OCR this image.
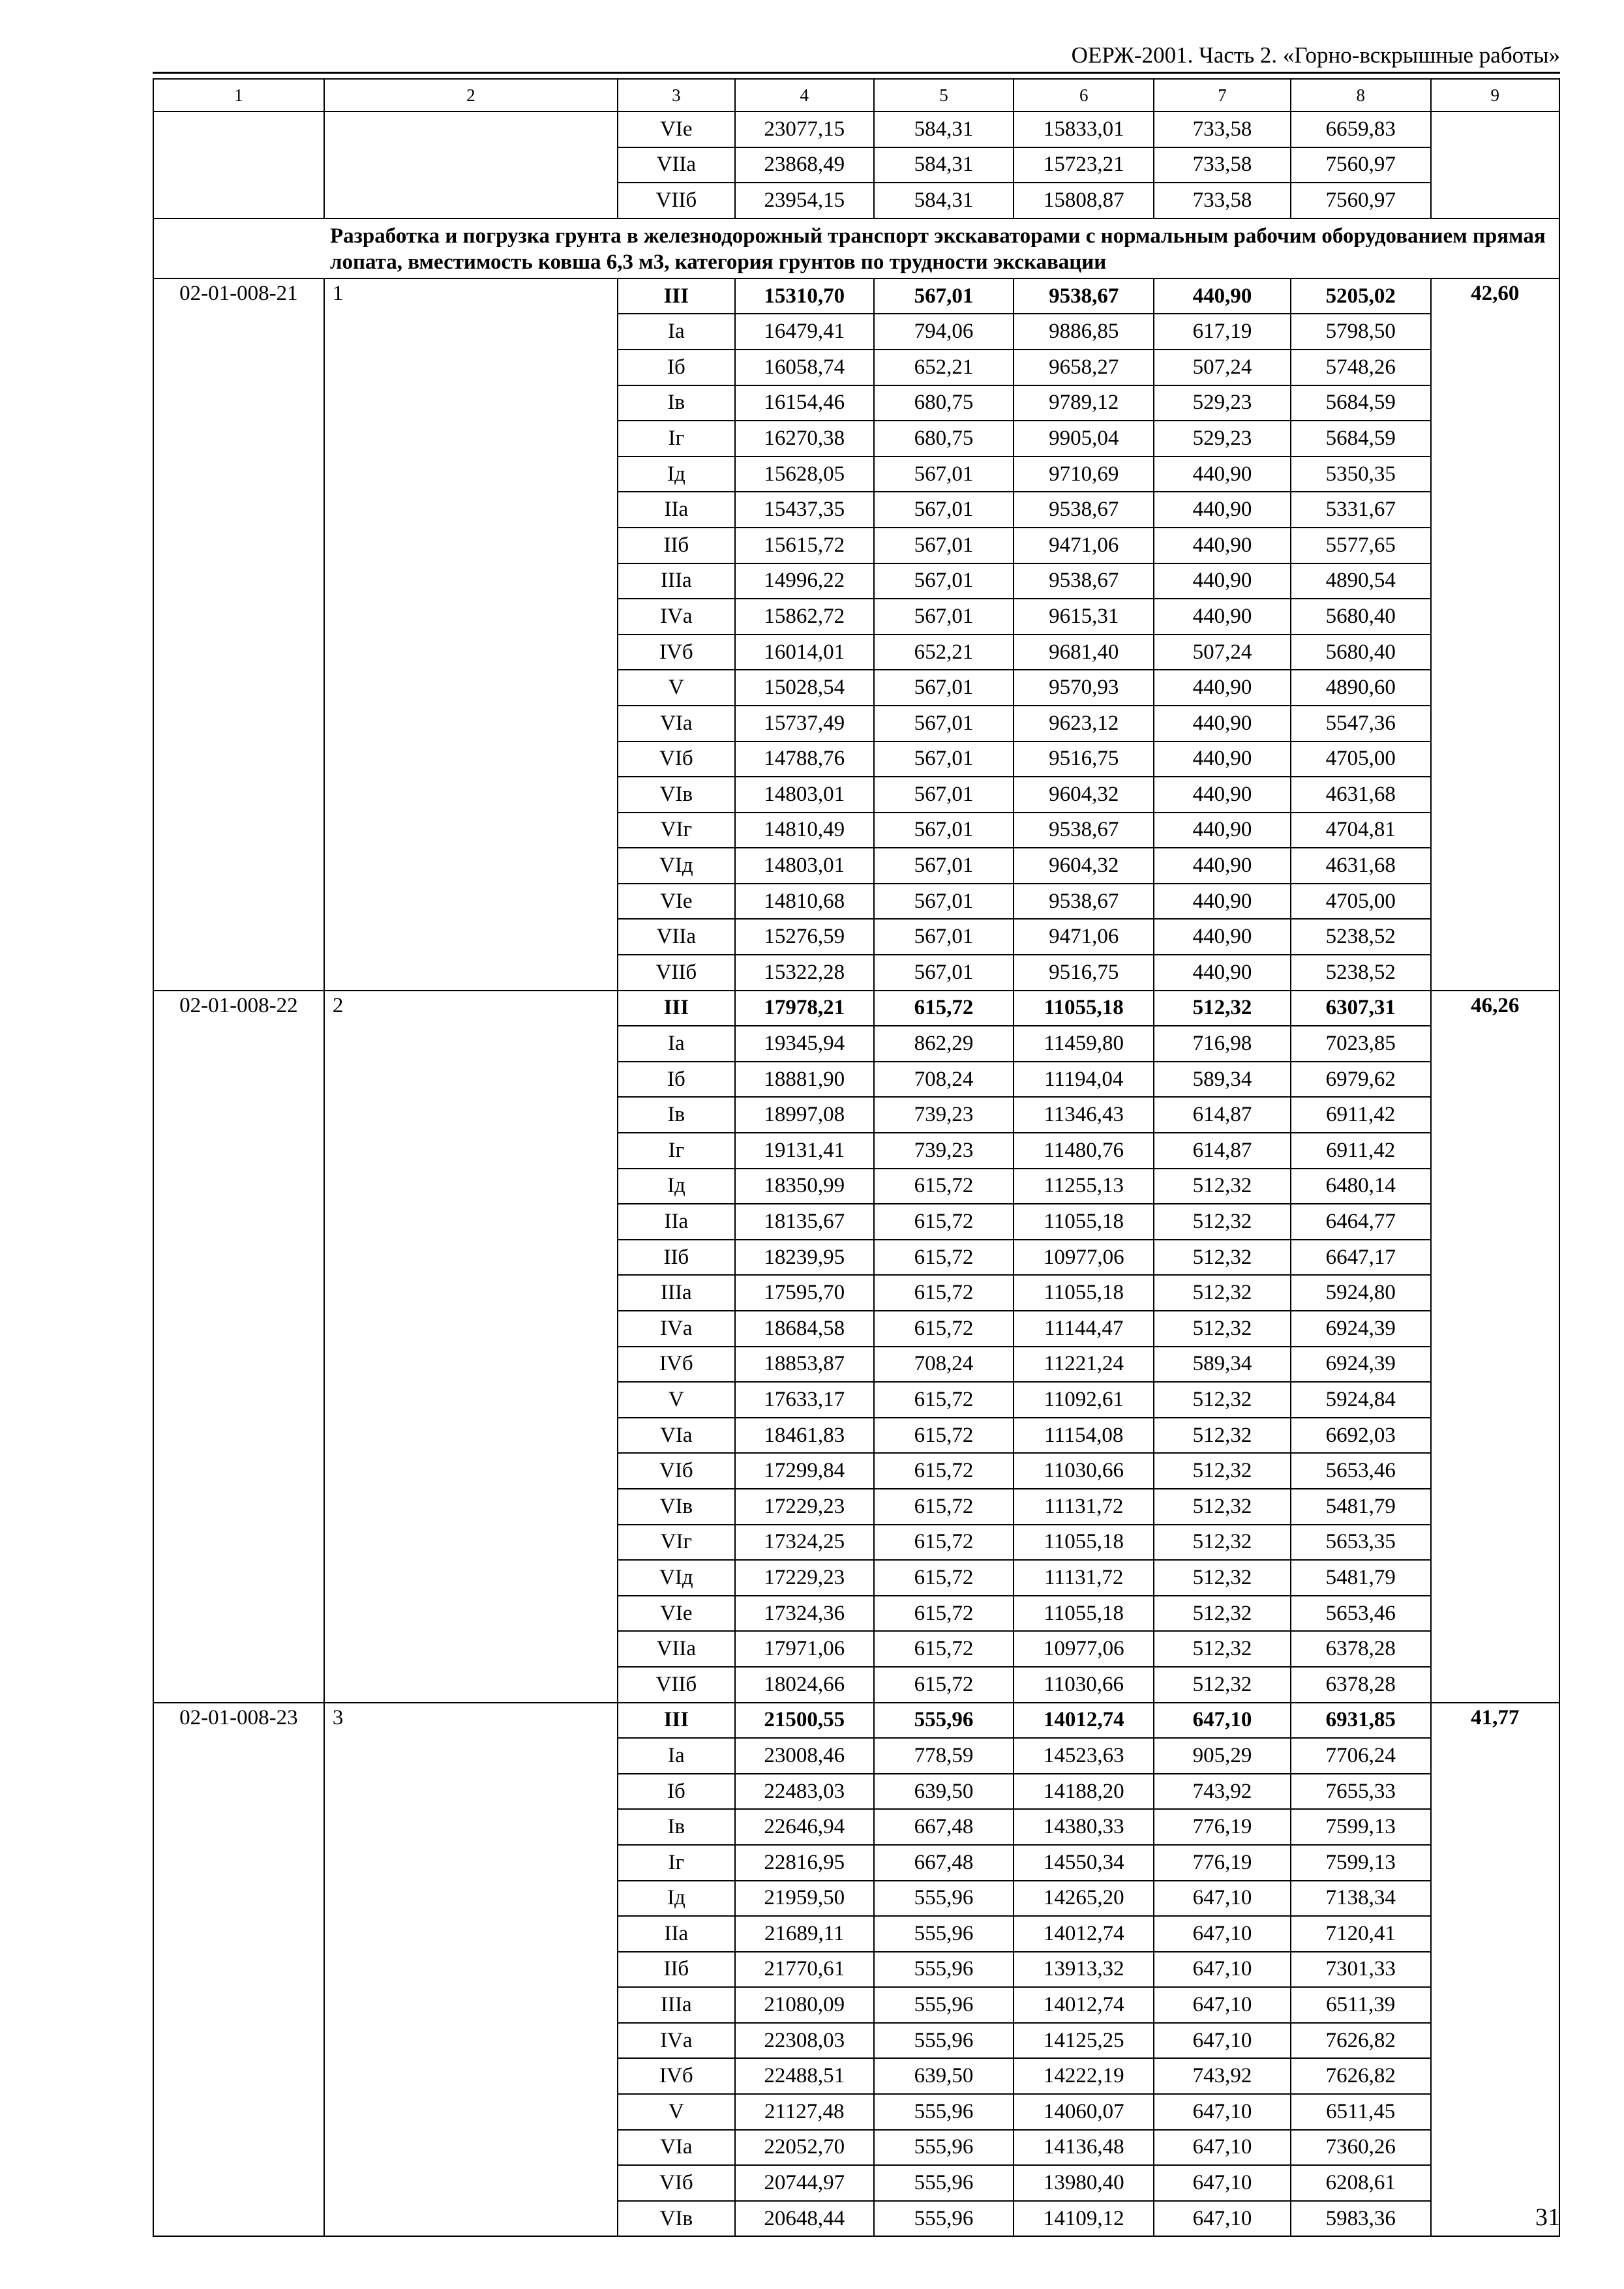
ОЕРЖ-2001. Часть 2. «Горно-вскрышные работы»
1	2	3	4	5	6	7	8	9
		VIе	23077,15	584,31	15833,01	733,58	6659,83	
		VIIа	23868,49	584,31	15723,21	733,58	7560,97	
		VIIб	23954,15	584,31	15808,87	733,58	7560,97	
Разработка и погрузка грунта в железнодорожный транспорт экскаваторами с нормальным рабочим оборудованием прямая лопата, вместимость ковша 6,3 м3, категория грунтов по трудности экскавации								
02-01-008-21	1	III	15310,70	567,01	9538,67	440,90	5205,02	42,60
		Iа	16479,41	794,06	9886,85	617,19	5798,50	
		Iб	16058,74	652,21	9658,27	507,24	5748,26	
		Iв	16154,46	680,75	9789,12	529,23	5684,59	
		Iг	16270,38	680,75	9905,04	529,23	5684,59	
		Iд	15628,05	567,01	9710,69	440,90	5350,35	
		IIа	15437,35	567,01	9538,67	440,90	5331,67	
		IIб	15615,72	567,01	9471,06	440,90	5577,65	
		IIIа	14996,22	567,01	9538,67	440,90	4890,54	
		IVа	15862,72	567,01	9615,31	440,90	5680,40	
		IVб	16014,01	652,21	9681,40	507,24	5680,40	
		V	15028,54	567,01	9570,93	440,90	4890,60	
		VIа	15737,49	567,01	9623,12	440,90	5547,36	
		VIб	14788,76	567,01	9516,75	440,90	4705,00	
		VIв	14803,01	567,01	9604,32	440,90	4631,68	
		VIг	14810,49	567,01	9538,67	440,90	4704,81	
		VIд	14803,01	567,01	9604,32	440,90	4631,68	
		VIе	14810,68	567,01	9538,67	440,90	4705,00	
		VIIа	15276,59	567,01	9471,06	440,90	5238,52	
		VIIб	15322,28	567,01	9516,75	440,90	5238,52	
02-01-008-22	2	III	17978,21	615,72	11055,18	512,32	6307,31	46,26
		Iа	19345,94	862,29	11459,80	716,98	7023,85	
		Iб	18881,90	708,24	11194,04	589,34	6979,62	
		Iв	18997,08	739,23	11346,43	614,87	6911,42	
		Iг	19131,41	739,23	11480,76	614,87	6911,42	
		Iд	18350,99	615,72	11255,13	512,32	6480,14	
		IIа	18135,67	615,72	11055,18	512,32	6464,77	
		IIб	18239,95	615,72	10977,06	512,32	6647,17	
		IIIа	17595,70	615,72	11055,18	512,32	5924,80	
		IVа	18684,58	615,72	11144,47	512,32	6924,39	
		IVб	18853,87	708,24	11221,24	589,34	6924,39	
		V	17633,17	615,72	11092,61	512,32	5924,84	
		VIа	18461,83	615,72	11154,08	512,32	6692,03	
		VIб	17299,84	615,72	11030,66	512,32	5653,46	
		VIв	17229,23	615,72	11131,72	512,32	5481,79	
		VIг	17324,25	615,72	11055,18	512,32	5653,35	
		VIд	17229,23	615,72	11131,72	512,32	5481,79	
		VIе	17324,36	615,72	11055,18	512,32	5653,46	
		VIIа	17971,06	615,72	10977,06	512,32	6378,28	
		VIIб	18024,66	615,72	11030,66	512,32	6378,28	
02-01-008-23	3	III	21500,55	555,96	14012,74	647,10	6931,85	41,77
		Iа	23008,46	778,59	14523,63	905,29	7706,24	
		Iб	22483,03	639,50	14188,20	743,92	7655,33	
		Iв	22646,94	667,48	14380,33	776,19	7599,13	
		Iг	22816,95	667,48	14550,34	776,19	7599,13	
		Iд	21959,50	555,96	14265,20	647,10	7138,34	
		IIа	21689,11	555,96	14012,74	647,10	7120,41	
		IIб	21770,61	555,96	13913,32	647,10	7301,33	
		IIIа	21080,09	555,96	14012,74	647,10	6511,39	
		IVа	22308,03	555,96	14125,25	647,10	7626,82	
		IVб	22488,51	639,50	14222,19	743,92	7626,82	
		V	21127,48	555,96	14060,07	647,10	6511,45	
		VIа	22052,70	555,96	14136,48	647,10	7360,26	
		VIб	20744,97	555,96	13980,40	647,10	6208,61	
		VIв	20648,44	555,96	14109,12	647,10	5983,36		31
